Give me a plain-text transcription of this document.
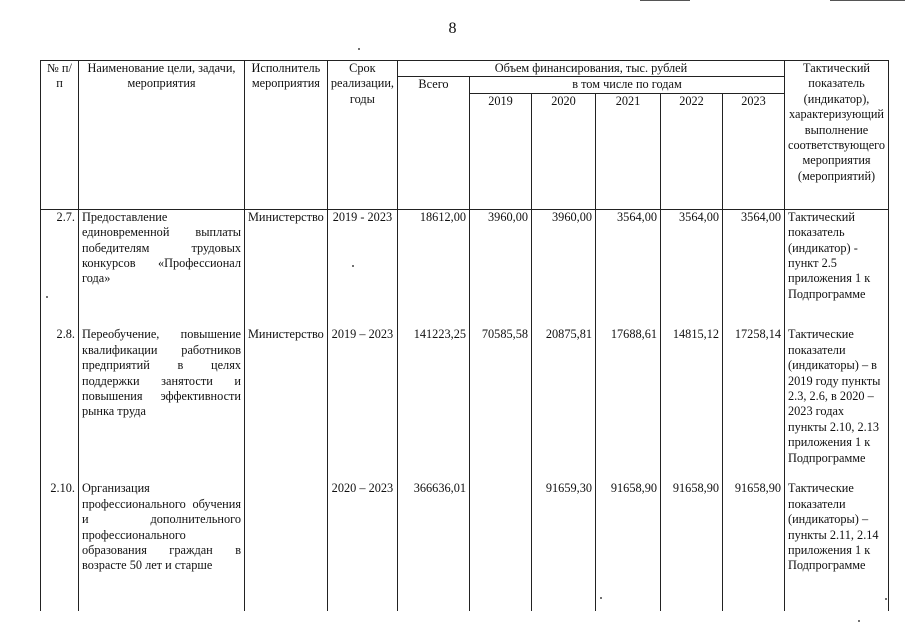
8
№ п/п	Наименование цели, задачи, мероприятия	Исполнитель мероприятия	Срок реализации, годы	Объем финансирования, тыс. рублей						Тактический показатель (индикатор), характеризующий выполнение соответствующего мероприятия (мероприятий)
				Всего	в том числе по годам					
					2019	2020	2021	2022	2023	
2.7.	Предоставление единовременной выплаты победителям трудовых конкурсов «Профессионал года»	Министерство	2019 - 2023	18612,00	3960,00	3960,00	3564,00	3564,00	3564,00	Тактический показатель (индикатор) - пункт 2.5 приложения 1 к Подпрограмме
2.8.	Переобучение, повышение квалификации работников предприятий в целях поддержки занятости и повышения эффективности рынка труда	Министерство	2019 – 2023	141223,25	70585,58	20875,81	17688,61	14815,12	17258,14	Тактические показатели (индикаторы) – в 2019 году пункты 2.3, 2.6, в 2020 – 2023 годах пункты 2.10, 2.13 приложения 1 к Подпрограмме
2.10.	Организация профессионального обучения и дополнительного профессионального образования граждан в возрасте 50 лет и старше		2020 – 2023	366636,01		91659,30	91658,90	91658,90	91658,90	Тактические показатели (индикаторы) – пункты 2.11, 2.14 приложения 1 к Подпрограмме
